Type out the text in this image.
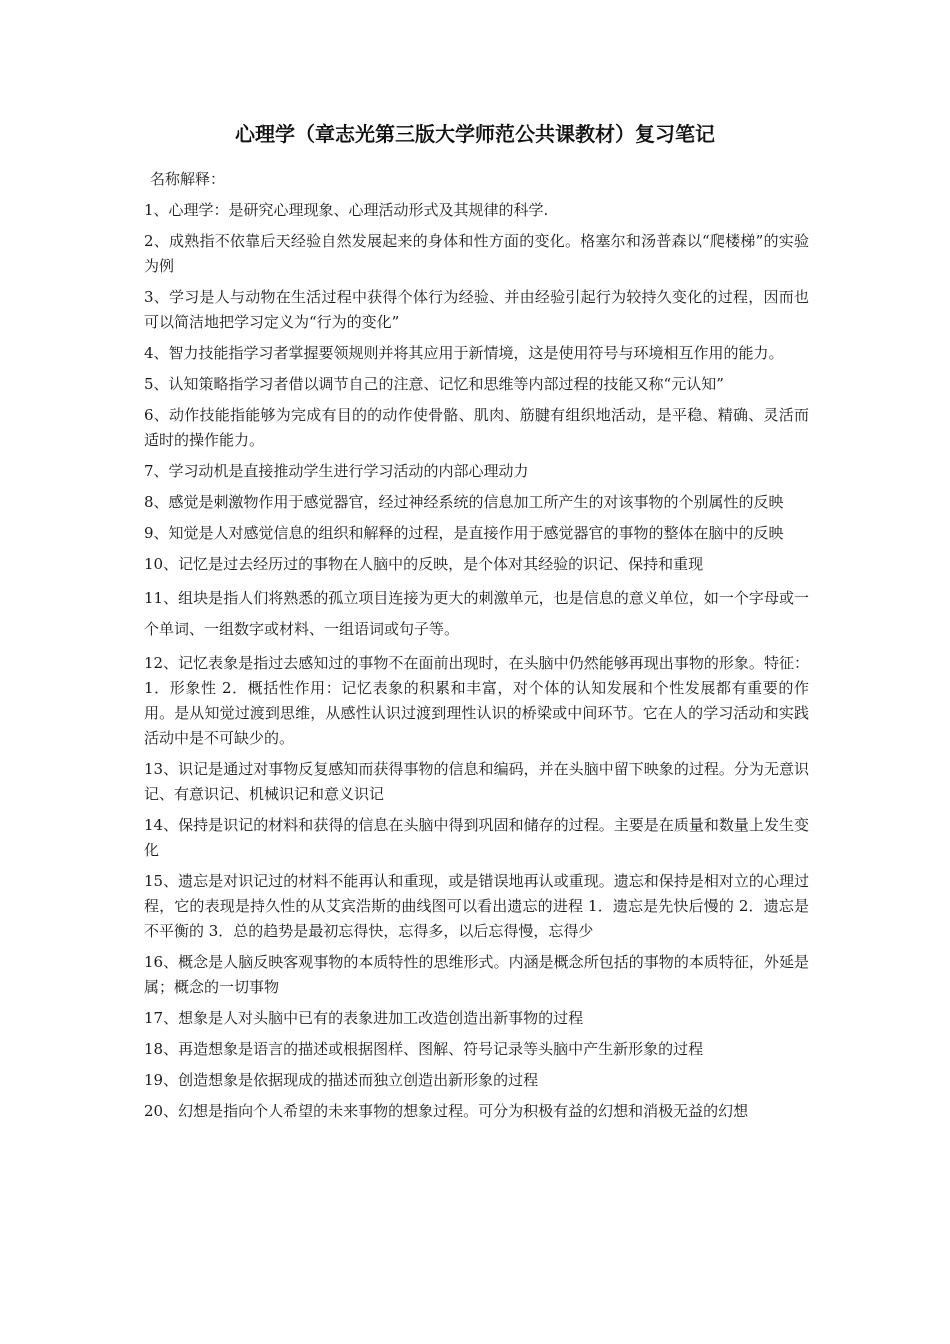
心理学（章志光第三版大学师范公共课教材）复习笔记
名称解释：

1、心理学：是研究心理现象、心理活动形式及其规律的科学.

2、成熟指不依靠后天经验自然发展起来的身体和性方面的变化。格塞尔和汤普森以“爬楼梯”的实验为例

3、学习是人与动物在生活过程中获得个体行为经验、并由经验引起行为较持久变化的过程，因而也可以简洁地把学习定义为“行为的变化”

4、智力技能指学习者掌握要领规则并将其应用于新情境，这是使用符号与环境相互作用的能力。

5、认知策略指学习者借以调节自己的注意、记忆和思维等内部过程的技能又称“元认知”

6、动作技能指能够为完成有目的的动作使骨骼、肌肉、筋腱有组织地活动，是平稳、精确、灵活而适时的操作能力。

7、学习动机是直接推动学生进行学习活动的内部心理动力

8、感觉是刺激物作用于感觉器官，经过神经系统的信息加工所产生的对该事物的个别属性的反映

9、知觉是人对感觉信息的组织和解释的过程，是直接作用于感觉器官的事物的整体在脑中的反映

10、记忆是过去经历过的事物在人脑中的反映，是个体对其经验的识记、保持和重现

11、组块是指人们将熟悉的孤立项目连接为更大的刺激单元，也是信息的意义单位，如一个字母或一个单词、一组数字或材料、一组语词或句子等。

12、记忆表象是指过去感知过的事物不在面前出现时，在头脑中仍然能够再现出事物的形象。特征：1．形象性 2．概括性作用：记忆表象的积累和丰富，对个体的认知发展和个性发展都有重要的作用。是从知觉过渡到思维，从感性认识过渡到理性认识的桥梁或中间环节。它在人的学习活动和实践活动中是不可缺少的。

13、识记是通过对事物反复感知而获得事物的信息和编码，并在头脑中留下映象的过程。分为无意识记、有意识记、机械识记和意义识记

14、保持是识记的材料和获得的信息在头脑中得到巩固和储存的过程。主要是在质量和数量上发生变化

15、遗忘是对识记过的材料不能再认和重现，或是错误地再认或重现。遗忘和保持是相对立的心理过程，它的表现是持久性的从艾宾浩斯的曲线图可以看出遗忘的进程 1．遗忘是先快后慢的 2．遗忘是不平衡的 3．总的趋势是最初忘得快，忘得多，以后忘得慢，忘得少

16、概念是人脑反映客观事物的本质特性的思维形式。内涵是概念所包括的事物的本质特征，外延是属；概念的一切事物

17、想象是人对头脑中已有的表象进加工改造创造出新事物的过程

18、再造想象是语言的描述或根据图样、图解、符号记录等头脑中产生新形象的过程

19、创造想象是依据现成的描述而独立创造出新形象的过程

20、幻想是指向个人希望的未来事物的想象过程。可分为积极有益的幻想和消极无益的幻想
